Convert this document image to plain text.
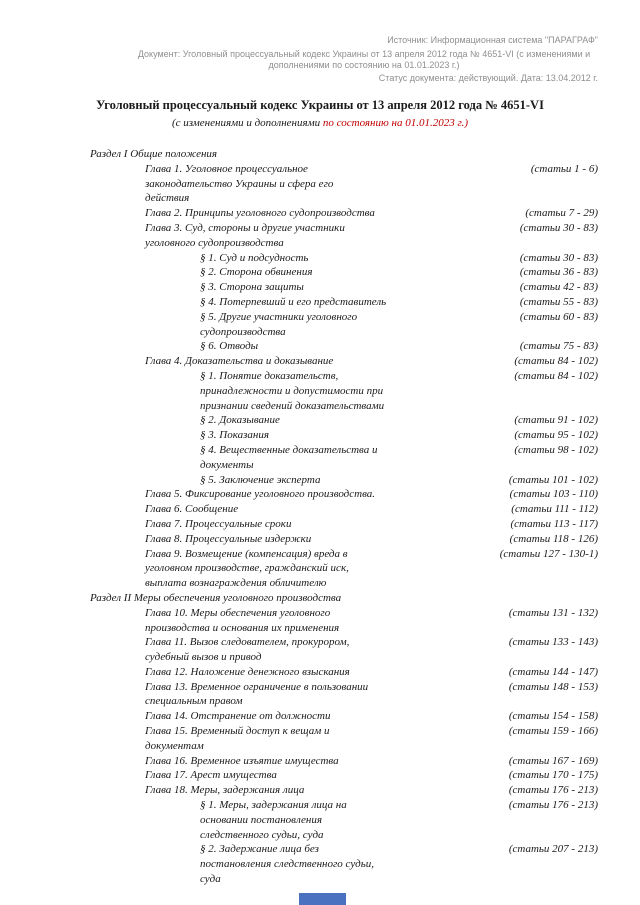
Источник: Информационная система "ПАРАГРАФ"
Документ: Уголовный процессуальный кодекс Украины от 13 апреля 2012 года № 4651-VI (с изменениями и дополнениями по состоянию на 01.01.2023 г.)
Статус документа: действующий. Дата: 13.04.2012 г.
Уголовный процессуальный кодекс Украины от 13 апреля 2012 года № 4651-VI
(с изменениями и дополнениями по состоянию на 01.01.2023 г.)
Раздел I Общие положения
Глава 1. Уголовное процессуальное законодательство Украины и сфера его действия
(статьи 1 - 6)
Глава 2. Принципы уголовного судопроизводства	(статьи 7 - 29)
Глава 3. Суд, стороны и другие участники уголовного судопроизводства
(статьи 30 - 83)
§ 1. Суд и подсудность	(статьи 30 - 83)
§ 2. Сторона обвинения	(статьи 36 - 83)
§ 3. Сторона защиты	(статьи 42 - 83)
§ 4. Потерпевший и его представитель	(статьи 55 - 83)
§ 5. Другие участники уголовного судопроизводства
(статьи 60 - 83)
§ 6. Отводы	(статьи 75 - 83)
Глава 4. Доказательства и доказывание	(статьи 84 - 102)
§ 1. Понятие доказательств, принадлежности и допустимости при признании сведений доказательствами
(статьи 84 - 102)
§ 2. Доказывание	(статьи 91 - 102)
§ 3. Показания	(статьи 95 - 102)
§ 4. Вещественные доказательства и документы
(статьи 98 - 102)
§ 5. Заключение эксперта	(статьи 101 - 102)
Глава 5. Фиксирование уголовного производства.	(статьи 103 - 110)
Глава 6. Сообщение	(статьи 111 - 112)
Глава 7. Процессуальные сроки	(статьи 113 - 117)
Глава 8. Процессуальные издержки	(статьи 118 - 126)
Глава 9. Возмещение (компенсация) вреда в уголовном производстве, гражданский иск, выплата вознаграждения обличителю
(статьи 127 - 130-1)
Раздел II Меры обеспечения уголовного производства
Глава 10. Меры обеспечения уголовного производства и основания их применения
(статьи 131 - 132)
Глава 11. Вызов следователем, прокурором, судебный вызов и привод
(статьи 133 - 143)
Глава 12. Наложение денежного взыскания	(статьи 144 - 147)
Глава 13. Временное ограничение в пользовании специальным правом
(статьи 148 - 153)
Глава 14. Отстранение от должности	(статьи 154 - 158)
Глава 15. Временный доступ к вещам и документам
(статьи 159 - 166)
Глава 16. Временное изъятие имущества	(статьи 167 - 169)
Глава 17. Арест имущества	(статьи 170 - 175)
Глава 18. Меры, задержания лица	(статьи 176 - 213)
§ 1. Меры, задержания лица на основании постановления следственного судьи, суда
(статьи 176 - 213)
§ 2. Задержание лица без постановления следственного судьи, суда
(статьи 207 - 213)
